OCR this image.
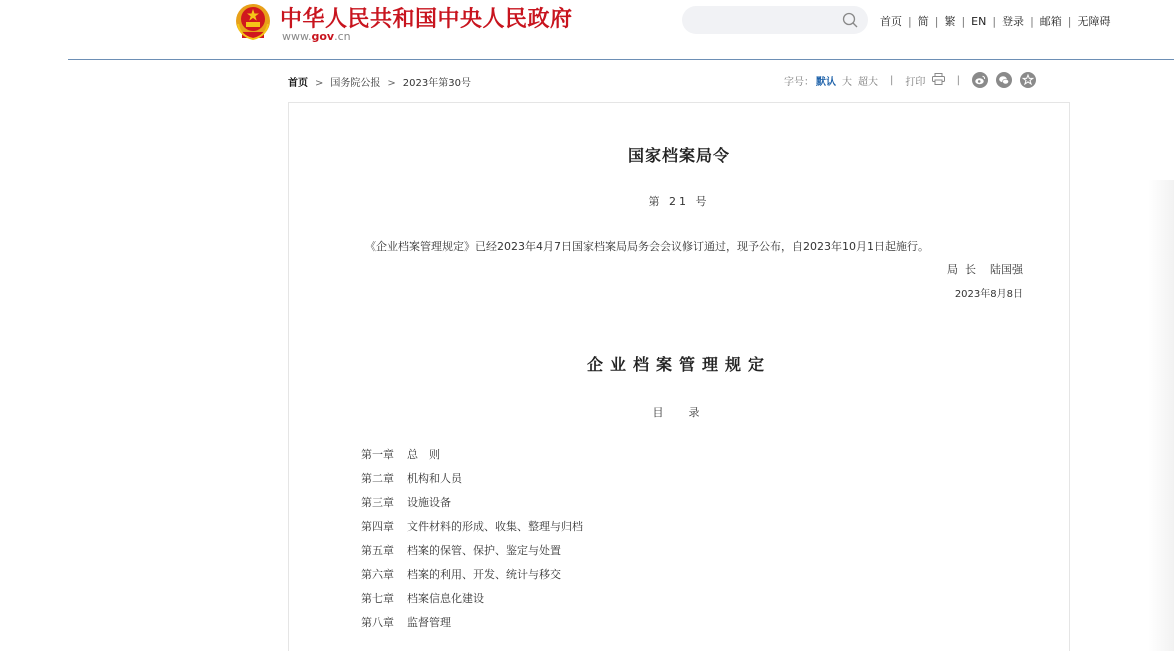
中华人民共和国中央人民政府
www.gov.cn
首页 | 简 | 繁 | EN | 登录 | 邮箱 | 无障碍
首页 > 国务院公报 > 2023年第30号	字号： 默认 大 超大 | 打印	|
国家档案局令
第 21 号
《企业档案管理规定》已经2023年4月7日国家档案局局务会会议修订通过，现予公布，自2023年10月1日起施行。
局  长    陆国强
2023年8月8日
企业档案管理规定
目  录
第一章 总　则
第二章 机构和人员
第三章 设施设备
第四章 文件材料的形成、收集、整理与归档
第五章 档案的保管、保护、鉴定与处置
第六章 档案的利用、开发、统计与移交
第七章 档案信息化建设
第八章 监督管理
